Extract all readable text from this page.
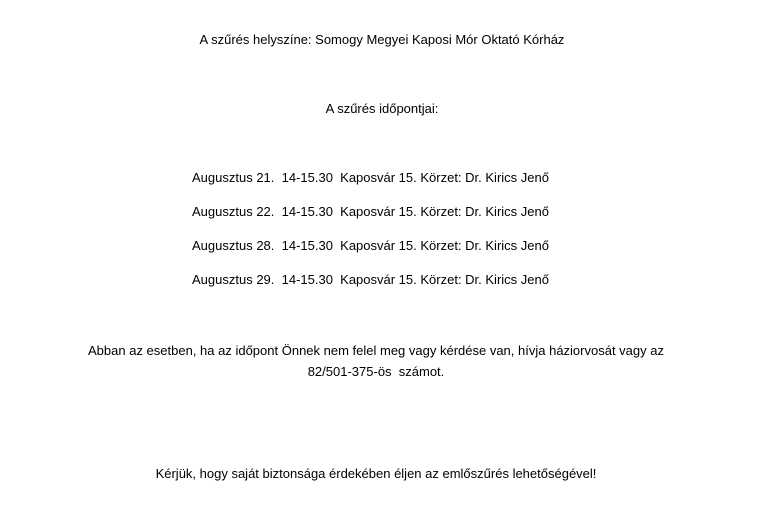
A szűrés helyszíne: Somogy Megyei Kaposi Mór Oktató Kórház
A szűrés időpontjai:
Augusztus 21.  14-15.30  Kaposvár 15. Körzet: Dr. Kirics Jenő
Augusztus 22.  14-15.30  Kaposvár 15. Körzet: Dr. Kirics Jenő
Augusztus 28.  14-15.30  Kaposvár 15. Körzet: Dr. Kirics Jenő
Augusztus 29.  14-15.30  Kaposvár 15. Körzet: Dr. Kirics Jenő
Abban az esetben, ha az időpont Önnek nem felel meg vagy kérdése van, hívja háziorvosát vagy az
82/501-375-ös  számot.
Kérjük, hogy saját biztonsága érdekében éljen az emlőszűrés lehetőségével!
